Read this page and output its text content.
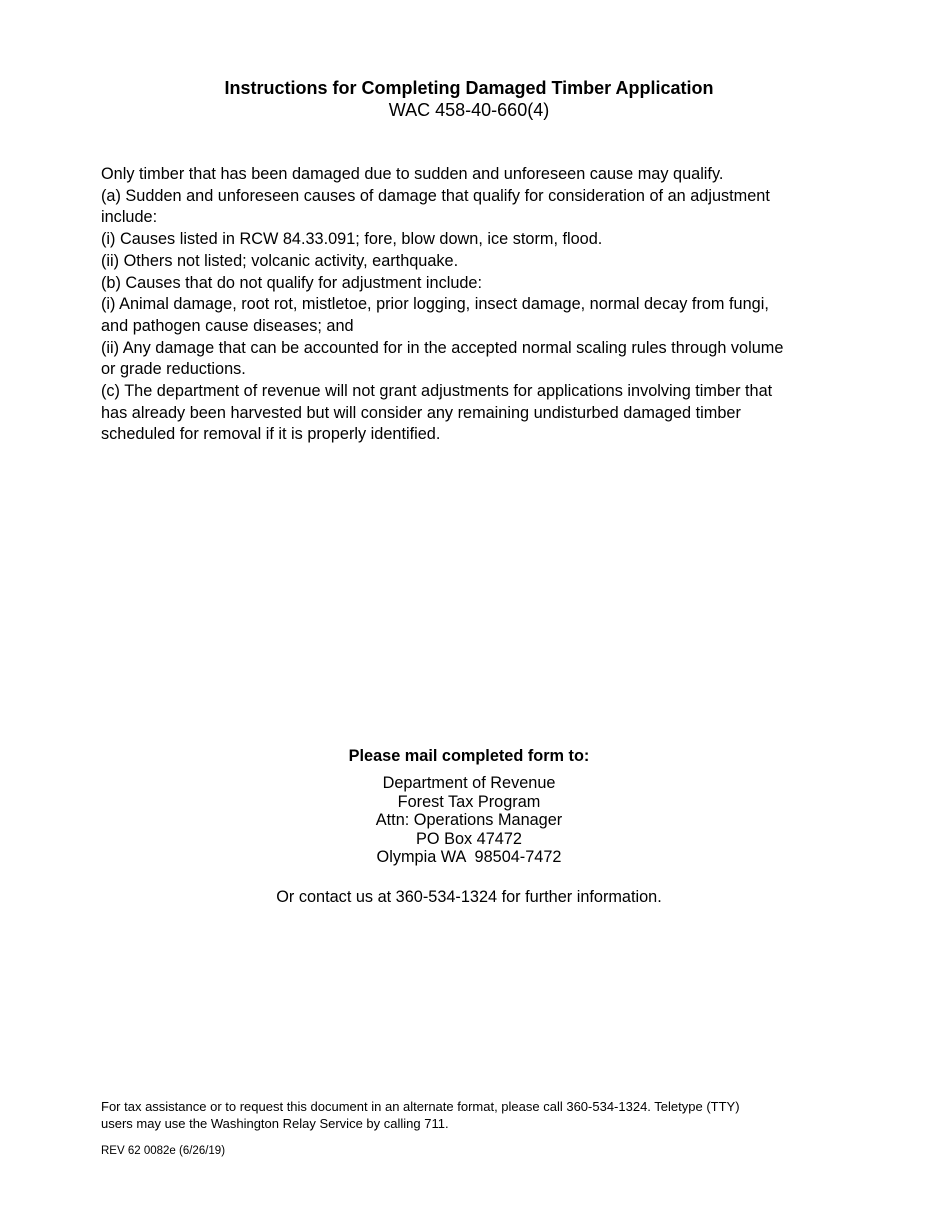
Instructions for Completing Damaged Timber Application
WAC 458-40-660(4)
Only timber that has been damaged due to sudden and unforeseen cause may qualify.
(a) Sudden and unforeseen causes of damage that qualify for consideration of an adjustment
include:
(i) Causes listed in RCW 84.33.091; fore, blow down, ice storm, flood.
(ii) Others not listed; volcanic activity, earthquake.
(b) Causes that do not qualify for adjustment include:
(i) Animal damage, root rot, mistletoe, prior logging, insect damage, normal decay from fungi,
and pathogen cause diseases; and
(ii) Any damage that can be accounted for in the accepted normal scaling rules through volume
or grade reductions.
(c) The department of revenue will not grant adjustments for applications involving timber that
has already been harvested but will consider any remaining undisturbed damaged timber
scheduled for removal if it is properly identified.
Please mail completed form to:
Department of Revenue
Forest Tax Program
Attn: Operations Manager
PO Box 47472
Olympia WA  98504-7472
Or contact us at 360-534-1324 for further information.
For tax assistance or to request this document in an alternate format, please call 360-534-1324. Teletype (TTY)
users may use the Washington Relay Service by calling 711.
REV 62 0082e (6/26/19)
